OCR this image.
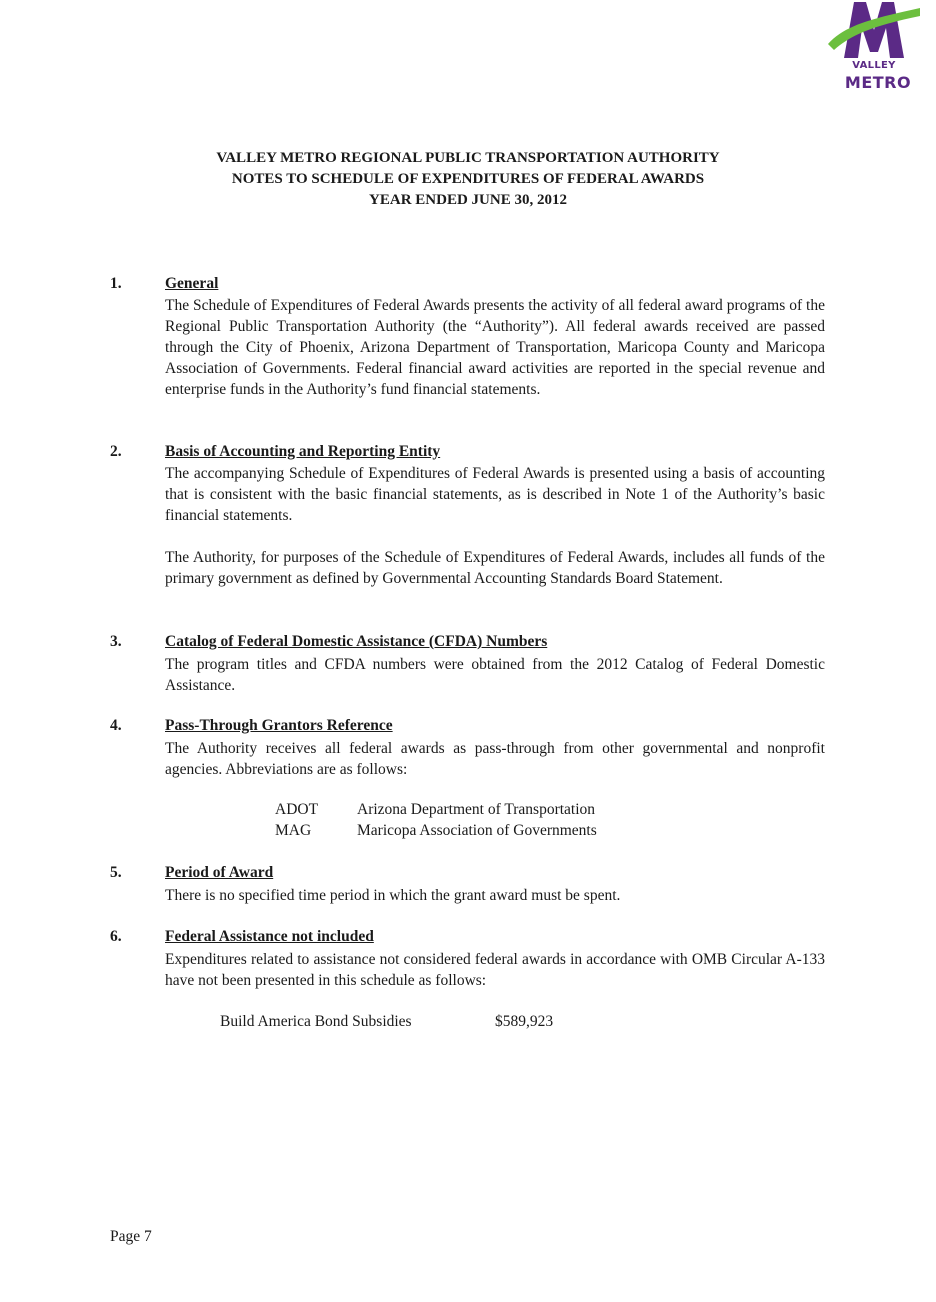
VALLEY
METRO
VALLEY METRO REGIONAL PUBLIC TRANSPORTATION AUTHORITY
NOTES TO SCHEDULE OF EXPENDITURES OF FEDERAL AWARDS
YEAR ENDED JUNE 30, 2012
1.	General
The Schedule of Expenditures of Federal Awards presents the activity of all federal award programs of the Regional Public Transportation Authority (the “Authority”). All federal awards received are passed through the City of Phoenix, Arizona Department of Transportation, Maricopa County and Maricopa Association of Governments. Federal financial award activities are reported in the special revenue and enterprise funds in the Authority’s fund financial statements.
2.	Basis of Accounting and Reporting Entity
The accompanying Schedule of Expenditures of Federal Awards is presented using a basis of accounting that is consistent with the basic financial statements, as is described in Note 1 of the Authority’s basic financial statements.
The Authority, for purposes of the Schedule of Expenditures of Federal Awards, includes all funds of the primary government as defined by Governmental Accounting Standards Board Statement.
3.	Catalog of Federal Domestic Assistance (CFDA) Numbers
The program titles and CFDA numbers were obtained from the 2012 Catalog of Federal Domestic Assistance.
4.	Pass-Through Grantors Reference
The Authority receives all federal awards as pass-through from other governmental and nonprofit agencies. Abbreviations are as follows:
ADOT	Arizona Department of Transportation
MAG	Maricopa Association of Governments
5.	Period of Award
There is no specified time period in which the grant award must be spent.
6.	Federal Assistance not included
Expenditures related to assistance not considered federal awards in accordance with OMB Circular A-133 have not been presented in this schedule as follows:
Build America Bond Subsidies	$589,923
Page 7
